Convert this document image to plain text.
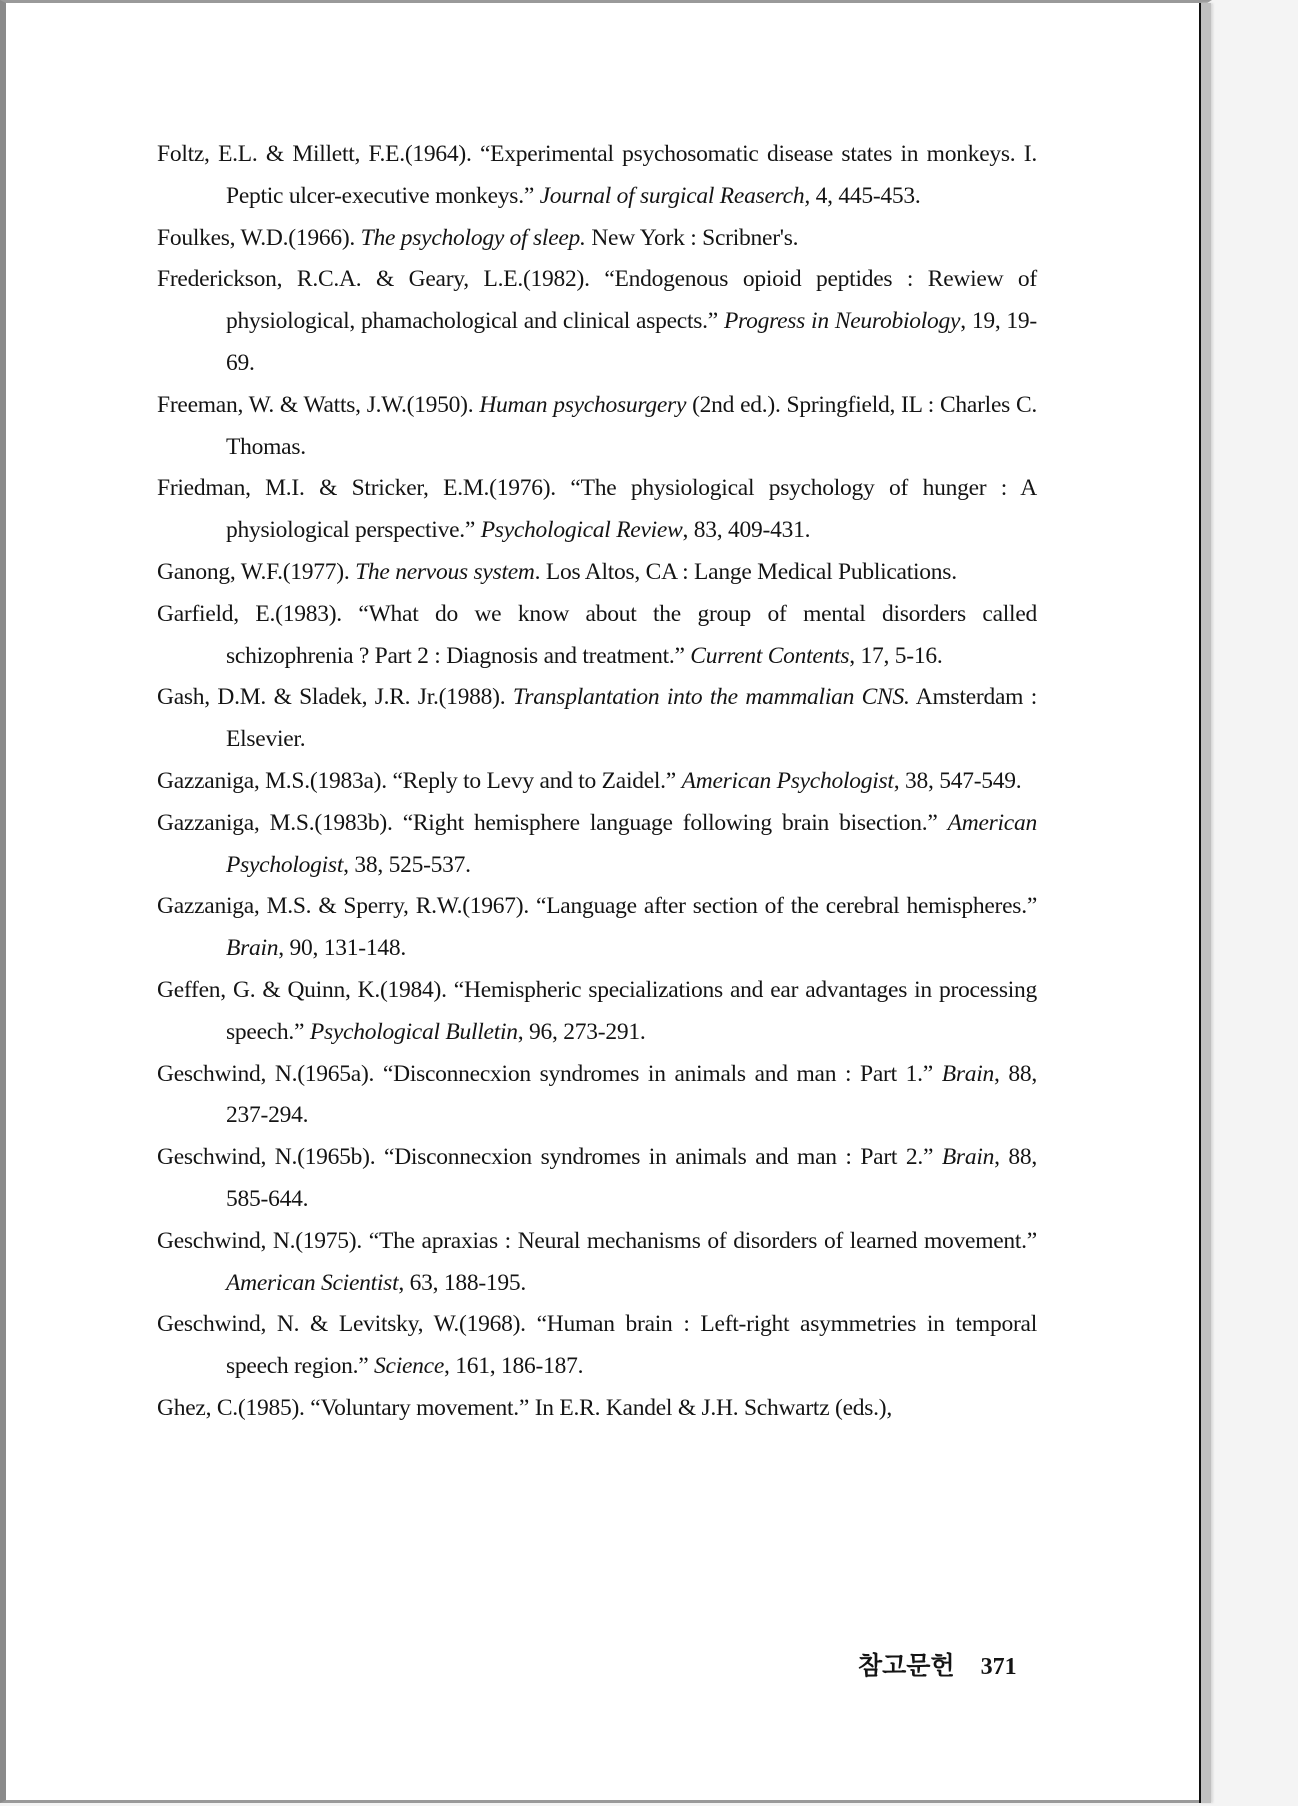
Foltz, E.L. & Millett, F.E.(1964). “Experimental psychosomatic disease states in monkeys. I. Peptic ulcer-executive monkeys.” Journal of surgical Reaserch, 4, 445-453.
Foulkes, W.D.(1966). The psychology of sleep. New York : Scribner's.
Frederickson, R.C.A. & Geary, L.E.(1982). “Endogenous opioid peptides : Rewiew of physiological, phamachological and clinical aspects.” Progress in Neurobiology, 19, 19-69.
Freeman, W. & Watts, J.W.(1950). Human psychosurgery (2nd ed.). Springfield, IL : Charles C. Thomas.
Friedman, M.I. & Stricker, E.M.(1976). “The physiological psychology of hunger : A physiological perspective.” Psychological Review, 83, 409-431.
Ganong, W.F.(1977). The nervous system. Los Altos, CA : Lange Medical Publications.
Garfield, E.(1983). “What do we know about the group of mental disorders called schizophrenia ? Part 2 : Diagnosis and treatment.” Current Contents, 17, 5-16.
Gash, D.M. & Sladek, J.R. Jr.(1988). Transplantation into the mammalian CNS. Amsterdam : Elsevier.
Gazzaniga, M.S.(1983a). “Reply to Levy and to Zaidel.” American Psychologist, 38, 547-549.
Gazzaniga, M.S.(1983b). “Right hemisphere language following brain bisection.” American Psychologist, 38, 525-537.
Gazzaniga, M.S. & Sperry, R.W.(1967). “Language after section of the cerebral hemispheres.” Brain, 90, 131-148.
Geffen, G. & Quinn, K.(1984). “Hemispheric specializations and ear advantages in processing speech.” Psychological Bulletin, 96, 273-291.
Geschwind, N.(1965a). “Disconnecxion syndromes in animals and man : Part 1.” Brain, 88, 237-294.
Geschwind, N.(1965b). “Disconnecxion syndromes in animals and man : Part 2.” Brain, 88, 585-644.
Geschwind, N.(1975). “The apraxias : Neural mechanisms of disorders of learned movement.” American Scientist, 63, 188-195.
Geschwind, N. & Levitsky, W.(1968). “Human brain : Left-right asymmetries in temporal speech region.” Science, 161, 186-187.
Ghez, C.(1985). “Voluntary movement.” In E.R. Kandel & J.H. Schwartz (eds.),
참고문헌 371
